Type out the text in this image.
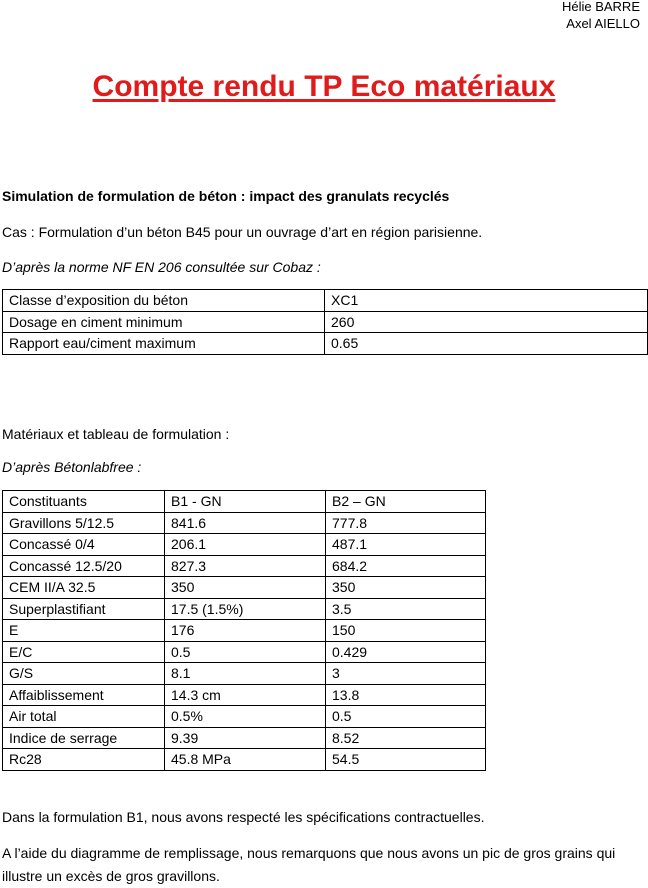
Hélie BARRE
Axel AIELLO
Compte rendu TP Eco matériaux
Simulation de formulation de béton : impact des granulats recyclés
Cas : Formulation d’un béton B45 pour un ouvrage d’art en région parisienne.
D’après la norme NF EN 206 consultée sur Cobaz :
Classe d’exposition du béton	XC1
Dosage en ciment minimum	260
Rapport eau/ciment maximum	0.65
Matériaux et tableau de formulation :
D’après Bétonlabfree :
Constituants	B1 - GN	B2 – GN
Gravillons 5/12.5	841.6	777.8
Concassé 0/4	206.1	487.1
Concassé 12.5/20	827.3	684.2
CEM II/A 32.5	350	350
Superplastifiant	17.5 (1.5%)	3.5
E	176	150
E/C	0.5	0.429
G/S	8.1	3
Affaiblissement	14.3 cm	13.8
Air total	0.5%	0.5
Indice de serrage	9.39	8.52
Rc28	45.8 MPa	54.5
Dans la formulation B1, nous avons respecté les spécifications contractuelles.
A l’aide du diagramme de remplissage, nous remarquons que nous avons un pic de gros grains qui illustre un excès de gros gravillons.
